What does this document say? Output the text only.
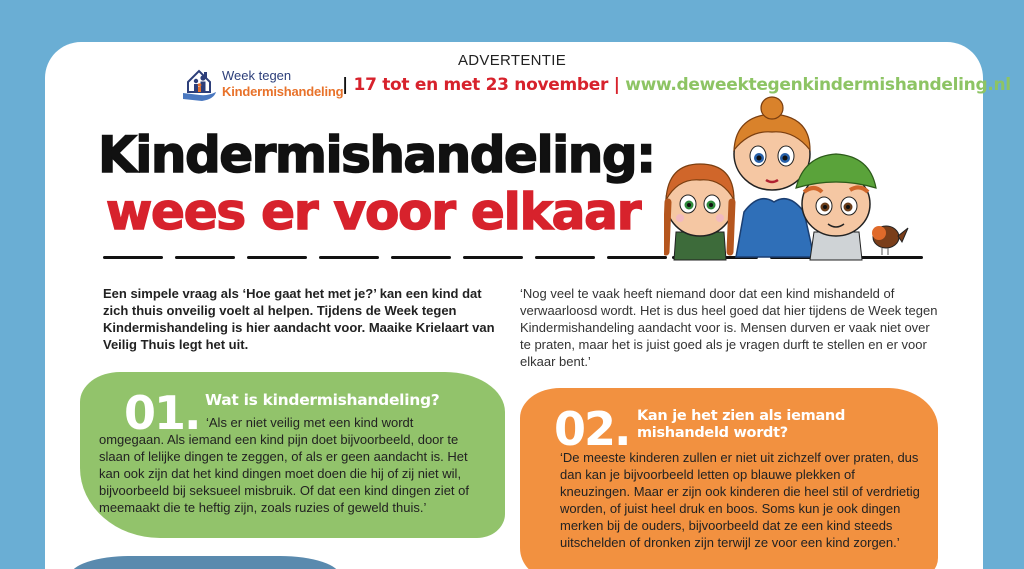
ADVERTENTIE
Week tegen
Kindermishandeling
| 17 tot en met 23 november | www.deweektegenkindermishandeling.nl
Kindermishandeling:
wees er voor elkaar

Een simpele vraag als ‘Hoe gaat het met je?’ kan een kind dat zich thuis onveilig voelt al helpen. Tijdens de Week tegen Kindermishandeling is hier aandacht voor. Maaike Krielaart van Veilig Thuis legt het uit.

‘Nog veel te vaak heeft niemand door dat een kind mishandeld of verwaarloosd wordt. Het is dus heel goed dat hier tijdens de Week tegen Kindermishandeling aandacht voor is. Mensen durven er vaak niet over te praten, maar het is juist goed als je vragen durft te stellen en er voor elkaar bent.’

01. Wat is kindermishandeling?
‘Als er niet veilig met een kind wordt
omgegaan. Als iemand een kind pijn doet bijvoorbeeld, door te slaan of lelijke dingen te zeggen, of als er geen aandacht is. Het kan ook zijn dat het kind dingen moet doen die hij of zij niet wil, bijvoorbeeld bij seksueel misbruik. Of dat een kind dingen ziet of meemaakt die te heftig zijn, zoals ruzies of geweld thuis.’
02. Kan je het zien als iemand
mishandeld wordt?
‘De meeste kinderen zullen er niet uit zichzelf over praten, dus dan kan je bijvoorbeeld letten op blauwe plekken of kneuzingen. Maar er zijn ook kinderen die heel stil of verdrietig worden, of juist heel druk en boos. Soms kun je ook dingen merken bij de ouders, bijvoorbeeld dat ze een kind steeds uitschelden of dronken zijn terwijl ze voor een kind zorgen.’
